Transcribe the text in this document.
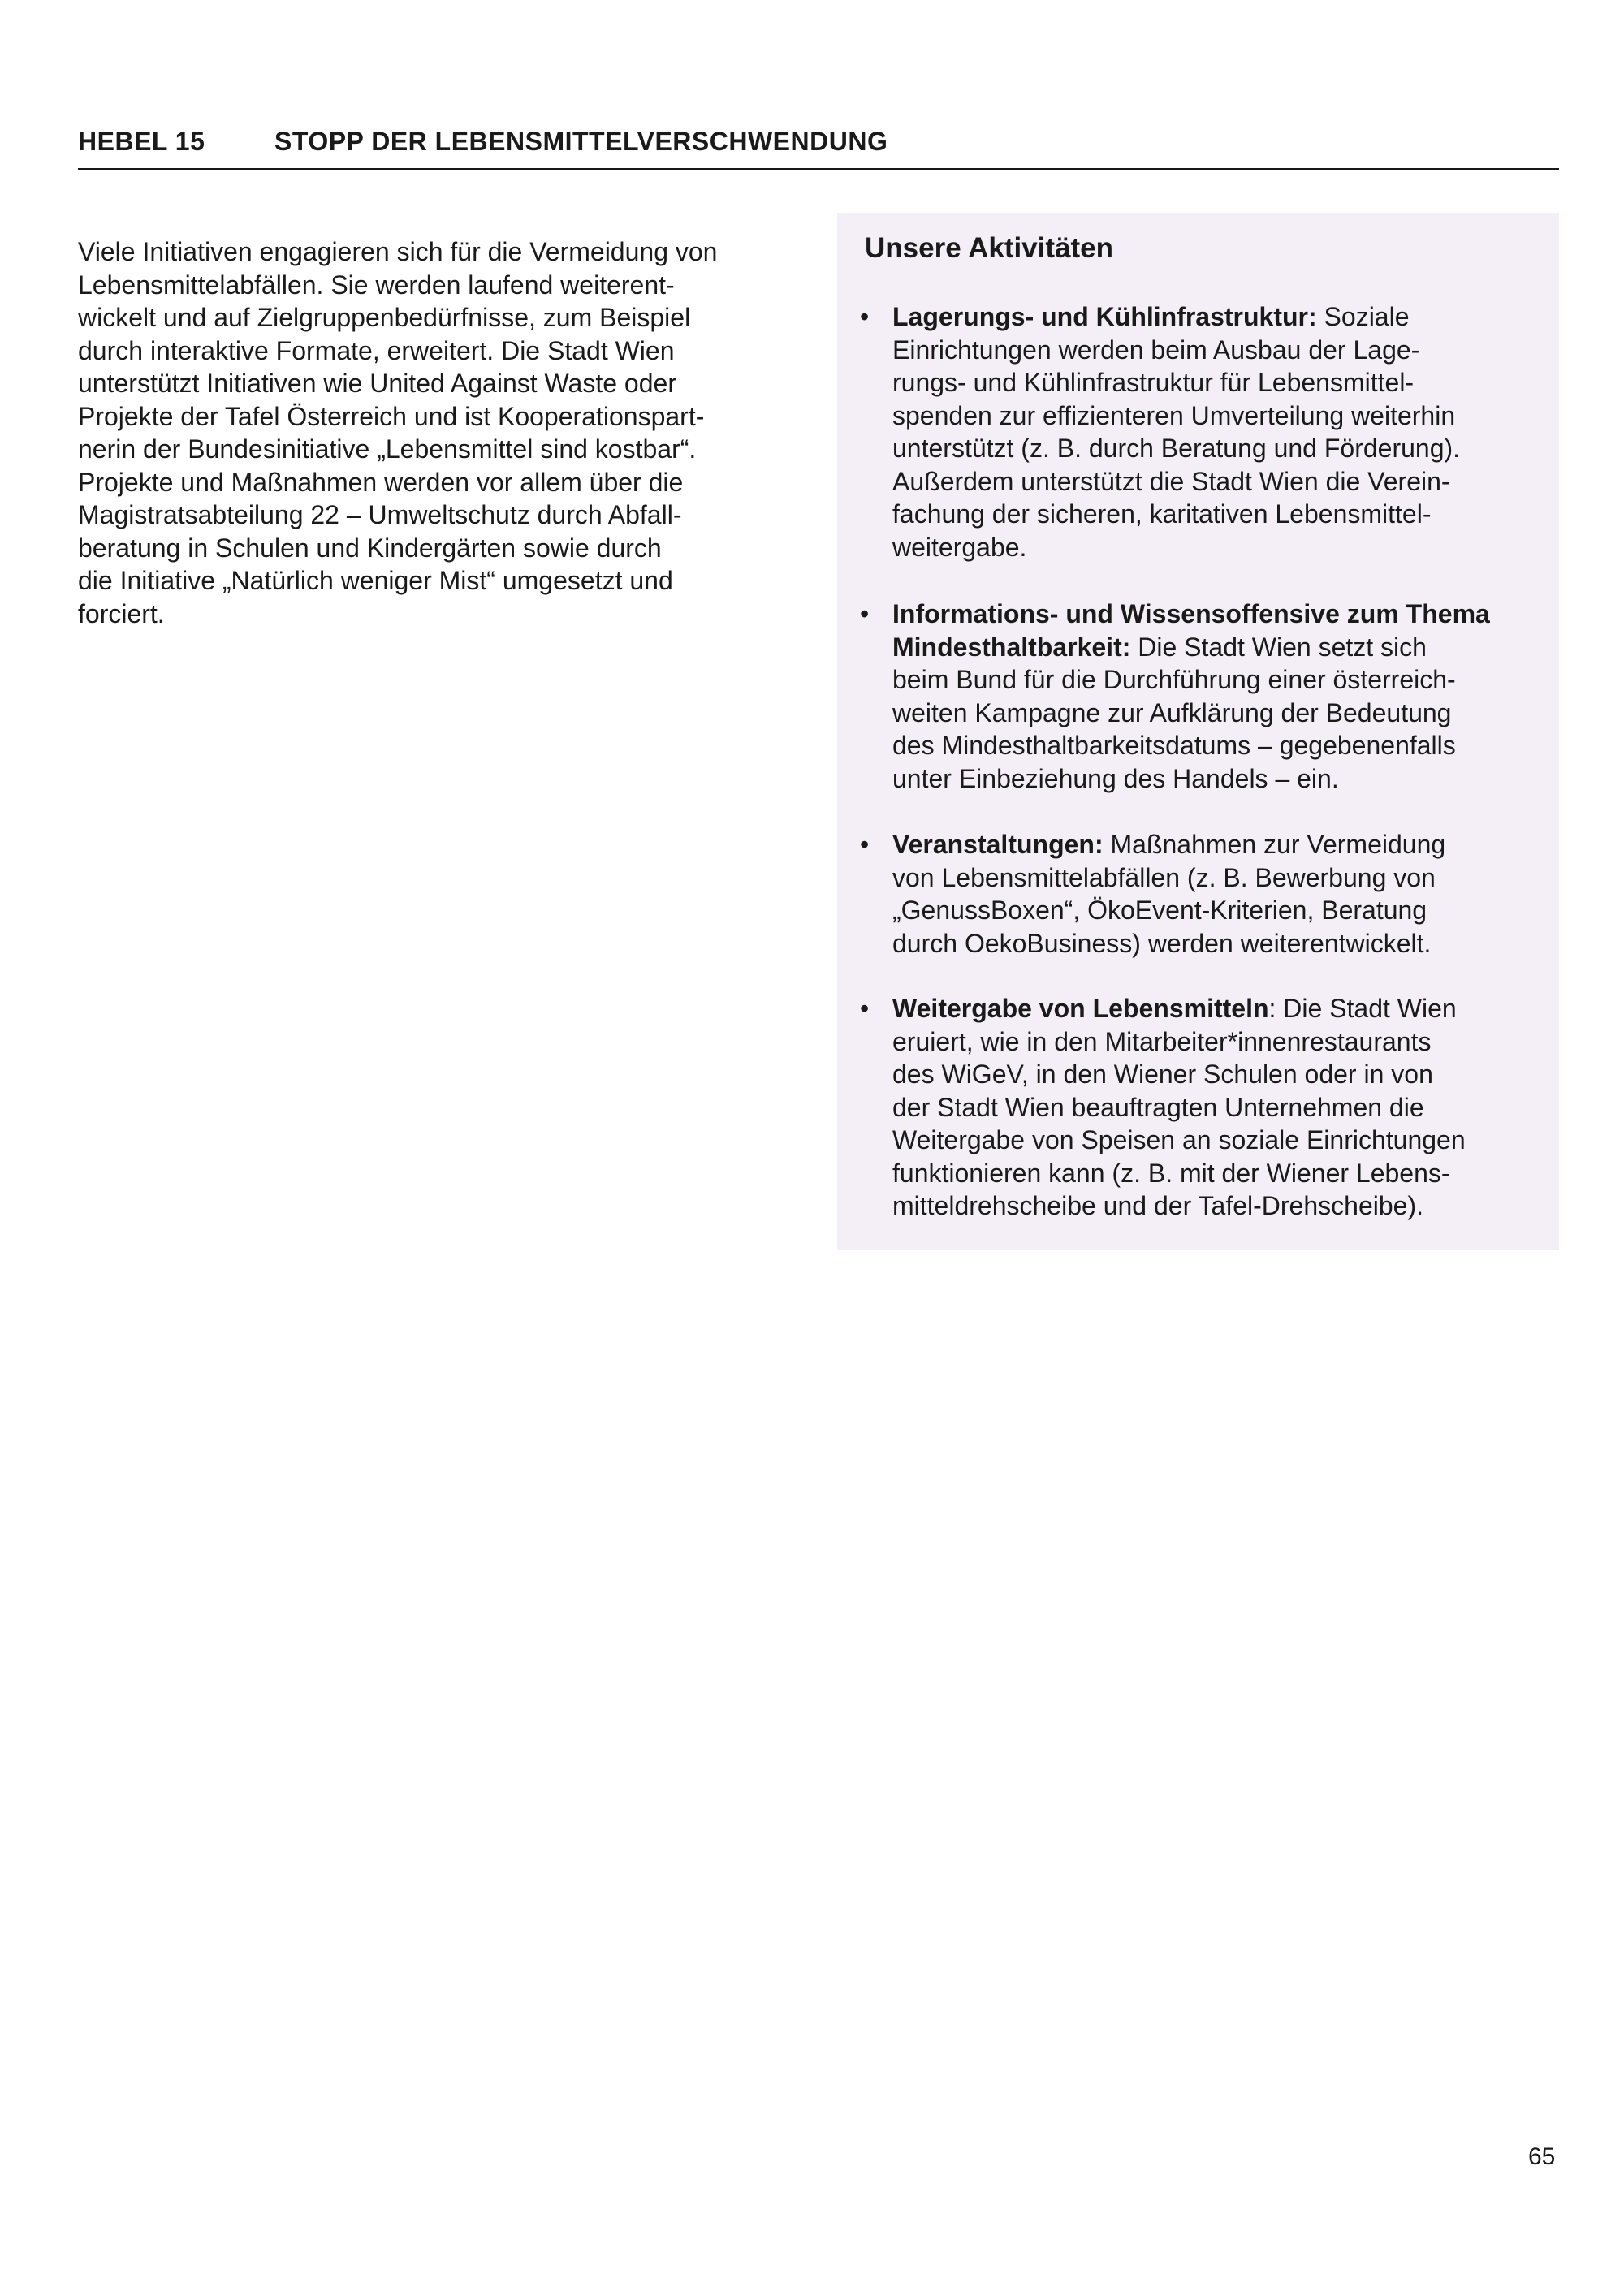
HEBEL 15	STOPP DER LEBENSMITTELVERSCHWENDUNG

Viele Initiativen engagieren sich für die Vermeidung von
Lebensmittelabfällen. Sie werden laufend weiterent-
wickelt und auf Zielgruppenbedürfnisse, zum Beispiel
durch interaktive Formate, erweitert. Die Stadt Wien
unterstützt Initiativen wie United Against Waste oder
Projekte der Tafel Österreich und ist Kooperationspart-
nerin der Bundesinitiative „Lebensmittel sind kostbar“.
Projekte und Maßnahmen werden vor allem über die
Magistratsabteilung 22 – Umweltschutz durch Abfall-
beratung in Schulen und Kindergärten sowie durch
die Initiative „Natürlich weniger Mist“ umgesetzt und
forciert.

Unsere Aktivitäten
• Lagerungs- und Kühlinfrastruktur: Soziale
Einrichtungen werden beim Ausbau der Lage-
rungs- und Kühlinfrastruktur für Lebensmittel-
spenden zur effizienteren Umverteilung weiterhin
unterstützt (z. B. durch Beratung und Förderung).
Außerdem unterstützt die Stadt Wien die Verein-
fachung der sicheren, karitativen Lebensmittel-
weitergabe.
• Informations- und Wissensoffensive zum Thema
Mindesthaltbarkeit: Die Stadt Wien setzt sich
beim Bund für die Durchführung einer österreich-
weiten Kampagne zur Aufklärung der Bedeutung
des Mindesthaltbarkeitsdatums – gegebenenfalls
unter Einbeziehung des Handels – ein.
• Veranstaltungen: Maßnahmen zur Vermeidung
von Lebensmittelabfällen (z. B. Bewerbung von
„GenussBoxen“, ÖkoEvent-Kriterien, Beratung
durch OekoBusiness) werden weiterentwickelt.
• Weitergabe von Lebensmitteln: Die Stadt Wien
eruiert, wie in den Mitarbeiter*innenrestaurants
des WiGeV, in den Wiener Schulen oder in von
der Stadt Wien beauftragten Unternehmen die
Weitergabe von Speisen an soziale Einrichtungen
funktionieren kann (z. B. mit der Wiener Lebens-
mitteldrehscheibe und der Tafel-Drehscheibe).
65
